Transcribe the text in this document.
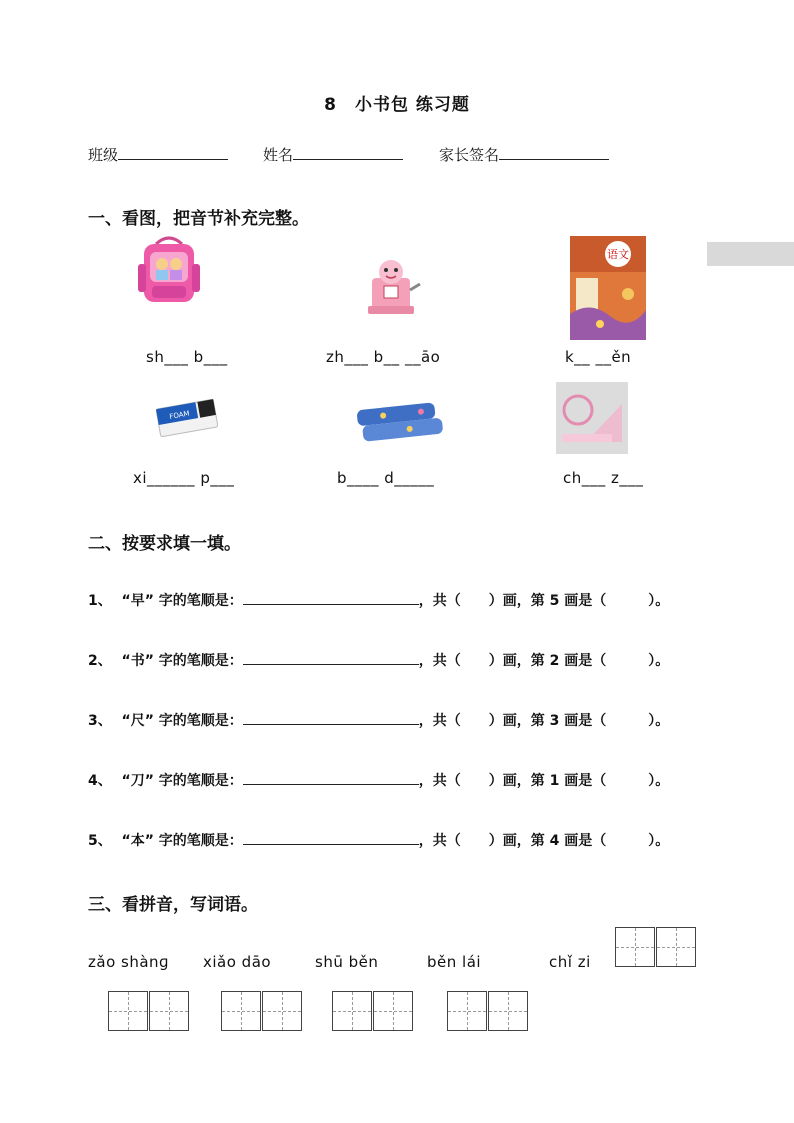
8　小书包 练习题
班级	姓名	家长签名
一、看图，把音节补充完整。
语文
FOAM
sh___ b___	zh___ b__ __āo	k__ __ěn
xi______ p___	b____ d_____	ch___ z___
二、按要求填一填。
1、 “早” 字的笔顺是：	，共（　　）画，第 5 画是（　　　）。
2、 “书” 字的笔顺是：	，共（　　）画，第 2 画是（　　　）。
3、 “尺” 字的笔顺是：	，共（　　）画，第 3 画是（　　　）。
4、 “刀” 字的笔顺是：	，共（　　）画，第 1 画是（　　　）。
5、 “本” 字的笔顺是：	，共（　　）画，第 4 画是（　　　）。
三、看拼音，写词语。
zǎo shànɡ xiǎo dāo	shū běn	běn lái	chǐ zi
